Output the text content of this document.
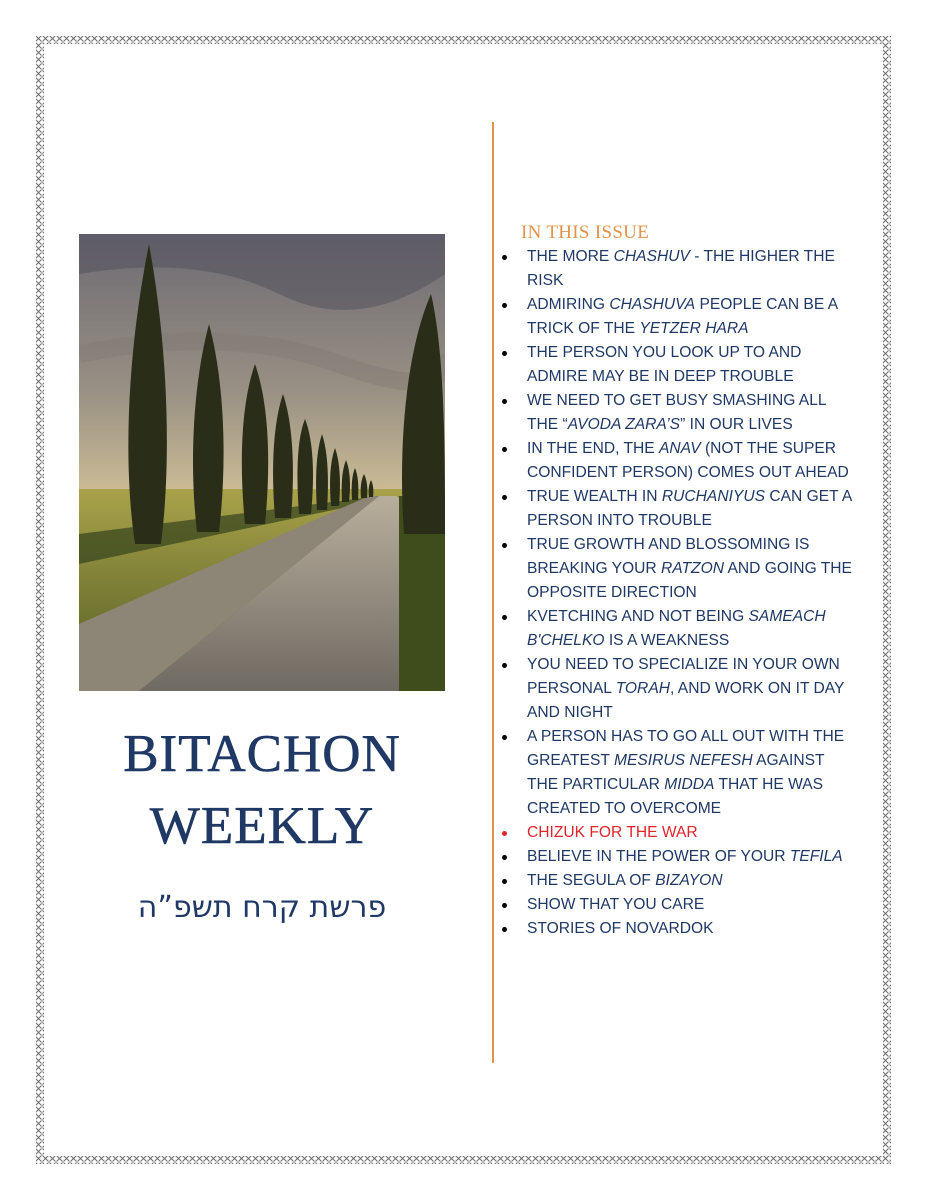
BITACHON
WEEKLY
פרשת קרח תשפ”ה
IN THIS ISSUE
THE MORE CHASHUV - THE HIGHER THE RISK
ADMIRING CHASHUVA PEOPLE CAN BE A TRICK OF THE YETZER HARA
THE PERSON YOU LOOK UP TO AND ADMIRE MAY BE IN DEEP TROUBLE
WE NEED TO GET BUSY SMASHING ALL THE “AVODA ZARA’S” IN OUR LIVES
IN THE END, THE ANAV (NOT THE SUPER CONFIDENT PERSON) COMES OUT AHEAD
TRUE WEALTH IN RUCHANIYUS CAN GET A PERSON INTO TROUBLE
TRUE GROWTH AND BLOSSOMING IS BREAKING YOUR RATZON AND GOING THE OPPOSITE DIRECTION
KVETCHING AND NOT BEING SAMEACH B'CHELKO IS A WEAKNESS
YOU NEED TO SPECIALIZE IN YOUR OWN PERSONAL TORAH, AND WORK ON IT DAY AND NIGHT
A PERSON HAS TO GO ALL OUT WITH THE GREATEST MESIRUS NEFESH AGAINST THE PARTICULAR MIDDA THAT HE WAS CREATED TO OVERCOME
CHIZUK FOR THE WAR
BELIEVE IN THE POWER OF YOUR TEFILA
THE SEGULA OF BIZAYON
SHOW THAT YOU CARE
STORIES OF NOVARDOK
